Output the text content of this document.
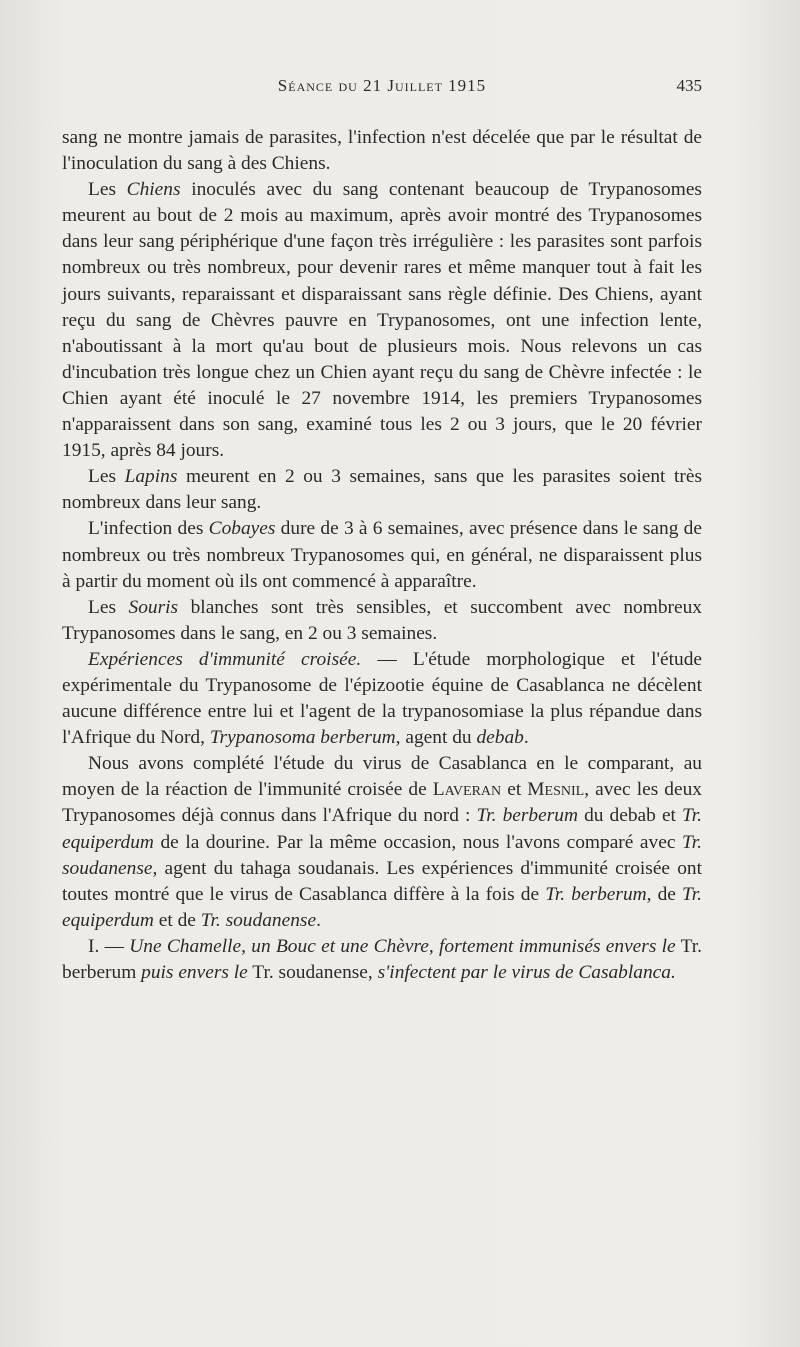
Séance du 21 Juillet 1915	435

sang ne montre jamais de parasites, l'infection n'est décelée que par le résultat de l'inoculation du sang à des Chiens.

Les Chiens inoculés avec du sang contenant beaucoup de Trypanosomes meurent au bout de 2 mois au maximum, après avoir montré des Trypanosomes dans leur sang périphérique d'une façon très irrégulière : les parasites sont parfois nombreux ou très nombreux, pour devenir rares et même manquer tout à fait les jours suivants, reparaissant et disparaissant sans règle définie. Des Chiens, ayant reçu du sang de Chèvres pauvre en Trypanosomes, ont une infection lente, n'aboutissant à la mort qu'au bout de plusieurs mois. Nous relevons un cas d'incubation très longue chez un Chien ayant reçu du sang de Chèvre infectée : le Chien ayant été inoculé le 27 novembre 1914, les premiers Trypanosomes n'apparaissent dans son sang, examiné tous les 2 ou 3 jours, que le 20 février 1915, après 84 jours.

Les Lapins meurent en 2 ou 3 semaines, sans que les parasites soient très nombreux dans leur sang.

L'infection des Cobayes dure de 3 à 6 semaines, avec présence dans le sang de nombreux ou très nombreux Trypanosomes qui, en général, ne disparaissent plus à partir du moment où ils ont commencé à apparaître.

Les Souris blanches sont très sensibles, et succombent avec nombreux Trypanosomes dans le sang, en 2 ou 3 semaines.

Expériences d'immunité croisée. — L'étude morphologique et l'étude expérimentale du Trypanosome de l'épizootie équine de Casablanca ne décèlent aucune différence entre lui et l'agent de la trypanosomiase la plus répandue dans l'Afrique du Nord, Trypanosoma berberum, agent du debab.

Nous avons complété l'étude du virus de Casablanca en le comparant, au moyen de la réaction de l'immunité croisée de Laveran et Mesnil, avec les deux Trypanosomes déjà connus dans l'Afrique du nord : Tr. berberum du debab et Tr. equiperdum de la dourine. Par la même occasion, nous l'avons comparé avec Tr. soudanense, agent du tahaga soudanais. Les expériences d'immunité croisée ont toutes montré que le virus de Casablanca diffère à la fois de Tr. berberum, de Tr. equiperdum et de Tr. soudanense.

I. — Une Chamelle, un Bouc et une Chèvre, fortement immunisés envers le Tr. berberum puis envers le Tr. soudanense, s'infectent par le virus de Casablanca.
